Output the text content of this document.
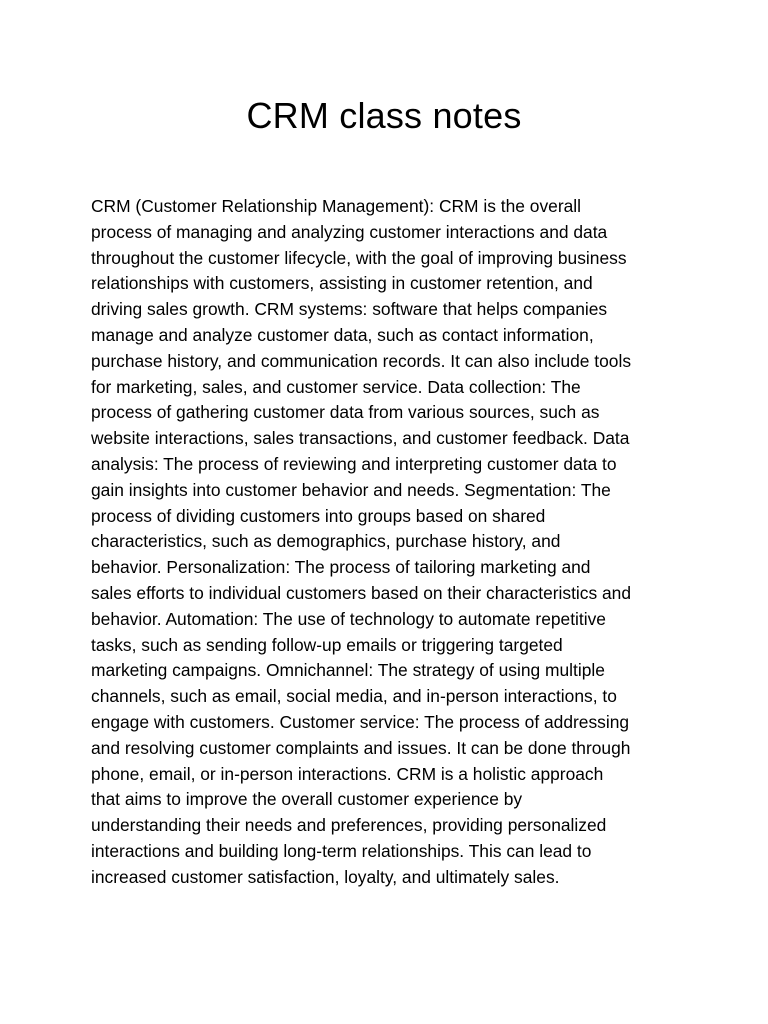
CRM class notes
CRM (Customer Relationship Management): CRM is the overall
process of managing and analyzing customer interactions and data
throughout the customer lifecycle, with the goal of improving business
relationships with customers, assisting in customer retention, and
driving sales growth. CRM systems: software that helps companies
manage and analyze customer data, such as contact information,
purchase history, and communication records. It can also include tools
for marketing, sales, and customer service. Data collection: The
process of gathering customer data from various sources, such as
website interactions, sales transactions, and customer feedback. Data
analysis: The process of reviewing and interpreting customer data to
gain insights into customer behavior and needs. Segmentation: The
process of dividing customers into groups based on shared
characteristics, such as demographics, purchase history, and
behavior. Personalization: The process of tailoring marketing and
sales efforts to individual customers based on their characteristics and
behavior. Automation: The use of technology to automate repetitive
tasks, such as sending follow-up emails or triggering targeted
marketing campaigns. Omnichannel: The strategy of using multiple
channels, such as email, social media, and in-person interactions, to
engage with customers. Customer service: The process of addressing
and resolving customer complaints and issues. It can be done through
phone, email, or in-person interactions. CRM is a holistic approach
that aims to improve the overall customer experience by
understanding their needs and preferences, providing personalized
interactions and building long-term relationships. This can lead to
increased customer satisfaction, loyalty, and ultimately sales.
